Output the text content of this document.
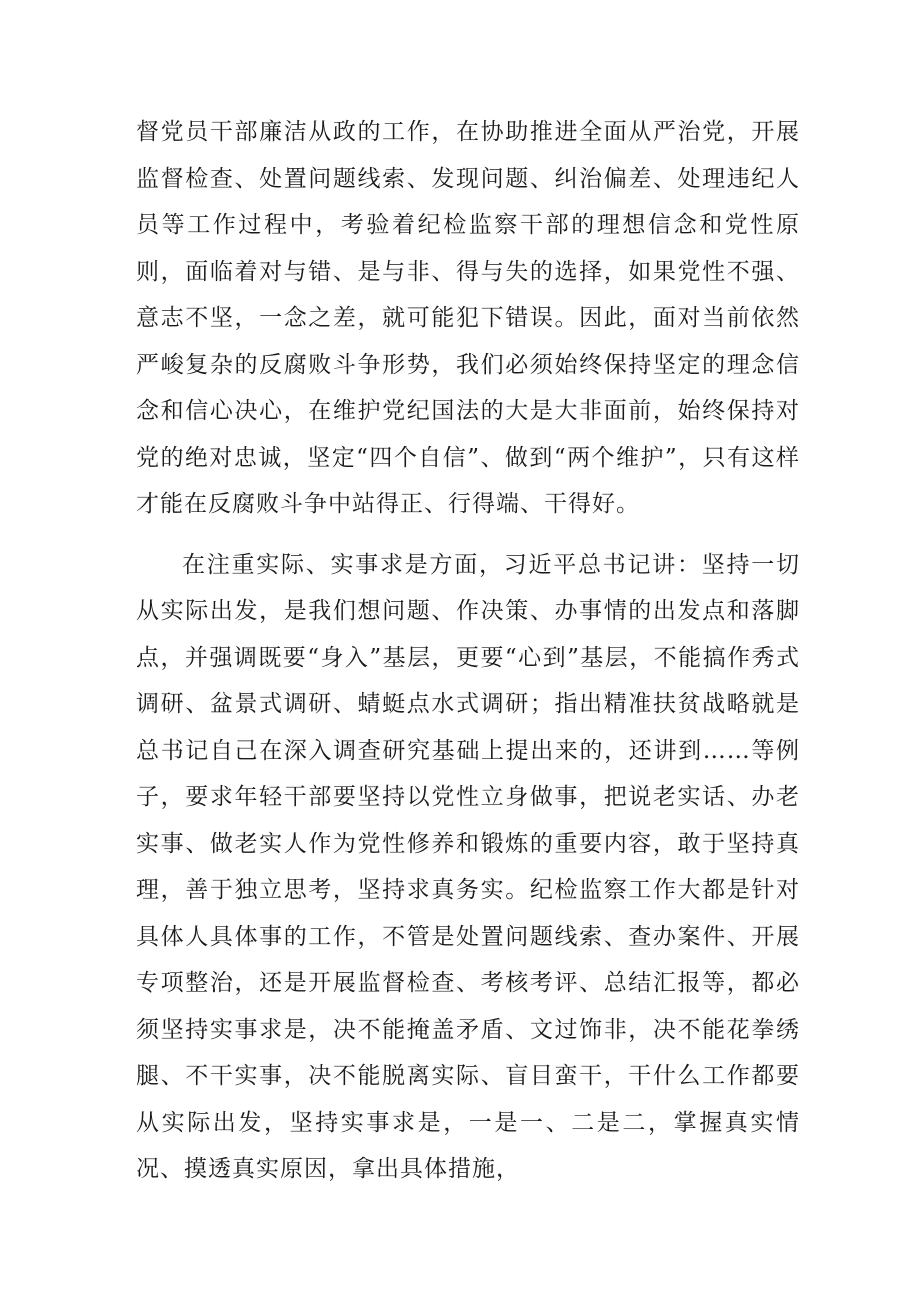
督党员干部廉洁从政的工作，在协助推进全面从严治党，开展监督检查、处置问题线索、发现问题、纠治偏差、处理违纪人员等工作过程中，考验着纪检监察干部的理想信念和党性原则，面临着对与错、是与非、得与失的选择，如果党性不强、意志不坚，一念之差，就可能犯下错误。因此，面对当前依然严峻复杂的反腐败斗争形势，我们必须始终保持坚定的理念信念和信心决心，在维护党纪国法的大是大非面前，始终保持对党的绝对忠诚，坚定“四个自信”、做到“两个维护”，只有这样才能在反腐败斗争中站得正、行得端、干得好。

在注重实际、实事求是方面，习近平总书记讲：坚持一切从实际出发，是我们想问题、作决策、办事情的出发点和落脚点，并强调既要“身入”基层，更要“心到”基层，不能搞作秀式调研、盆景式调研、蜻蜓点水式调研；指出精准扶贫战略就是总书记自己在深入调查研究基础上提出来的，还讲到……等例子，要求年轻干部要坚持以党性立身做事，把说老实话、办老实事、做老实人作为党性修养和锻炼的重要内容，敢于坚持真理，善于独立思考，坚持求真务实。纪检监察工作大都是针对具体人具体事的工作，不管是处置问题线索、查办案件、开展专项整治，还是开展监督检查、考核考评、总结汇报等，都必须坚持实事求是，决不能掩盖矛盾、文过饰非，决不能花拳绣腿、不干实事，决不能脱离实际、盲目蛮干，干什么工作都要从实际出发，坚持实事求是，一是一、二是二，掌握真实情况、摸透真实原因，拿出具体措施，
